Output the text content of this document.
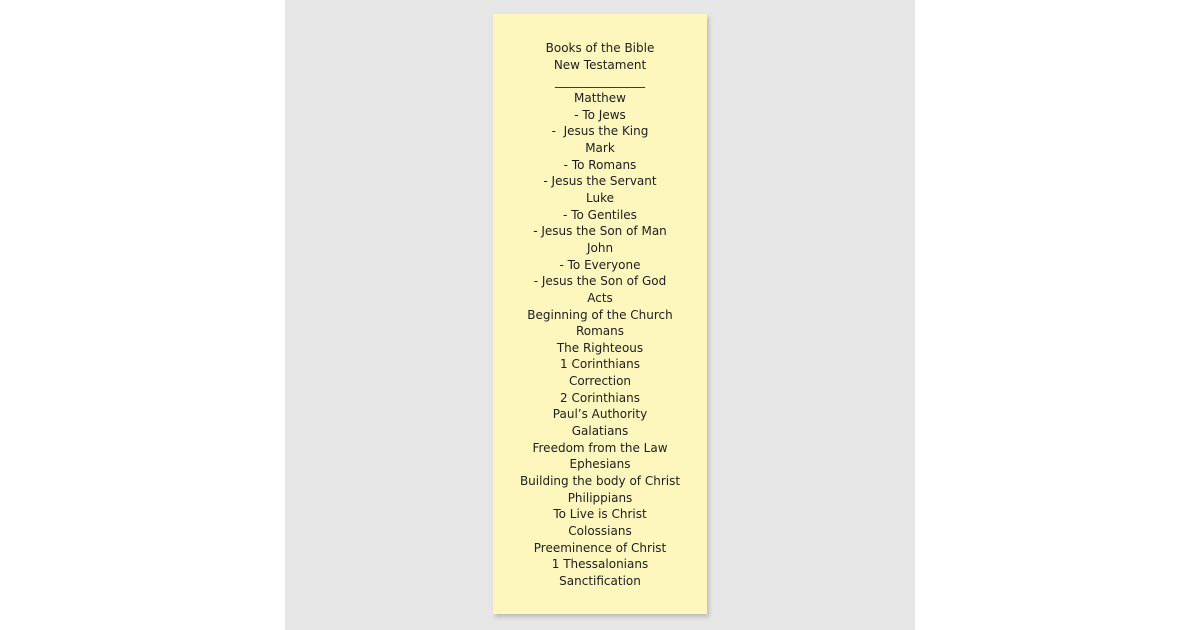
Books of the Bible
New Testament
_______________
Matthew
- To Jews
-  Jesus the King
Mark
- To Romans
- Jesus the Servant
Luke
- To Gentiles
- Jesus the Son of Man
John
- To Everyone
- Jesus the Son of God
Acts
Beginning of the Church
Romans
The Righteous
1 Corinthians
Correction
2 Corinthians
Paul’s Authority
Galatians
Freedom from the Law
Ephesians
Building the body of Christ
Philippians
To Live is Christ
Colossians
Preeminence of Christ
1 Thessalonians
Sanctification
